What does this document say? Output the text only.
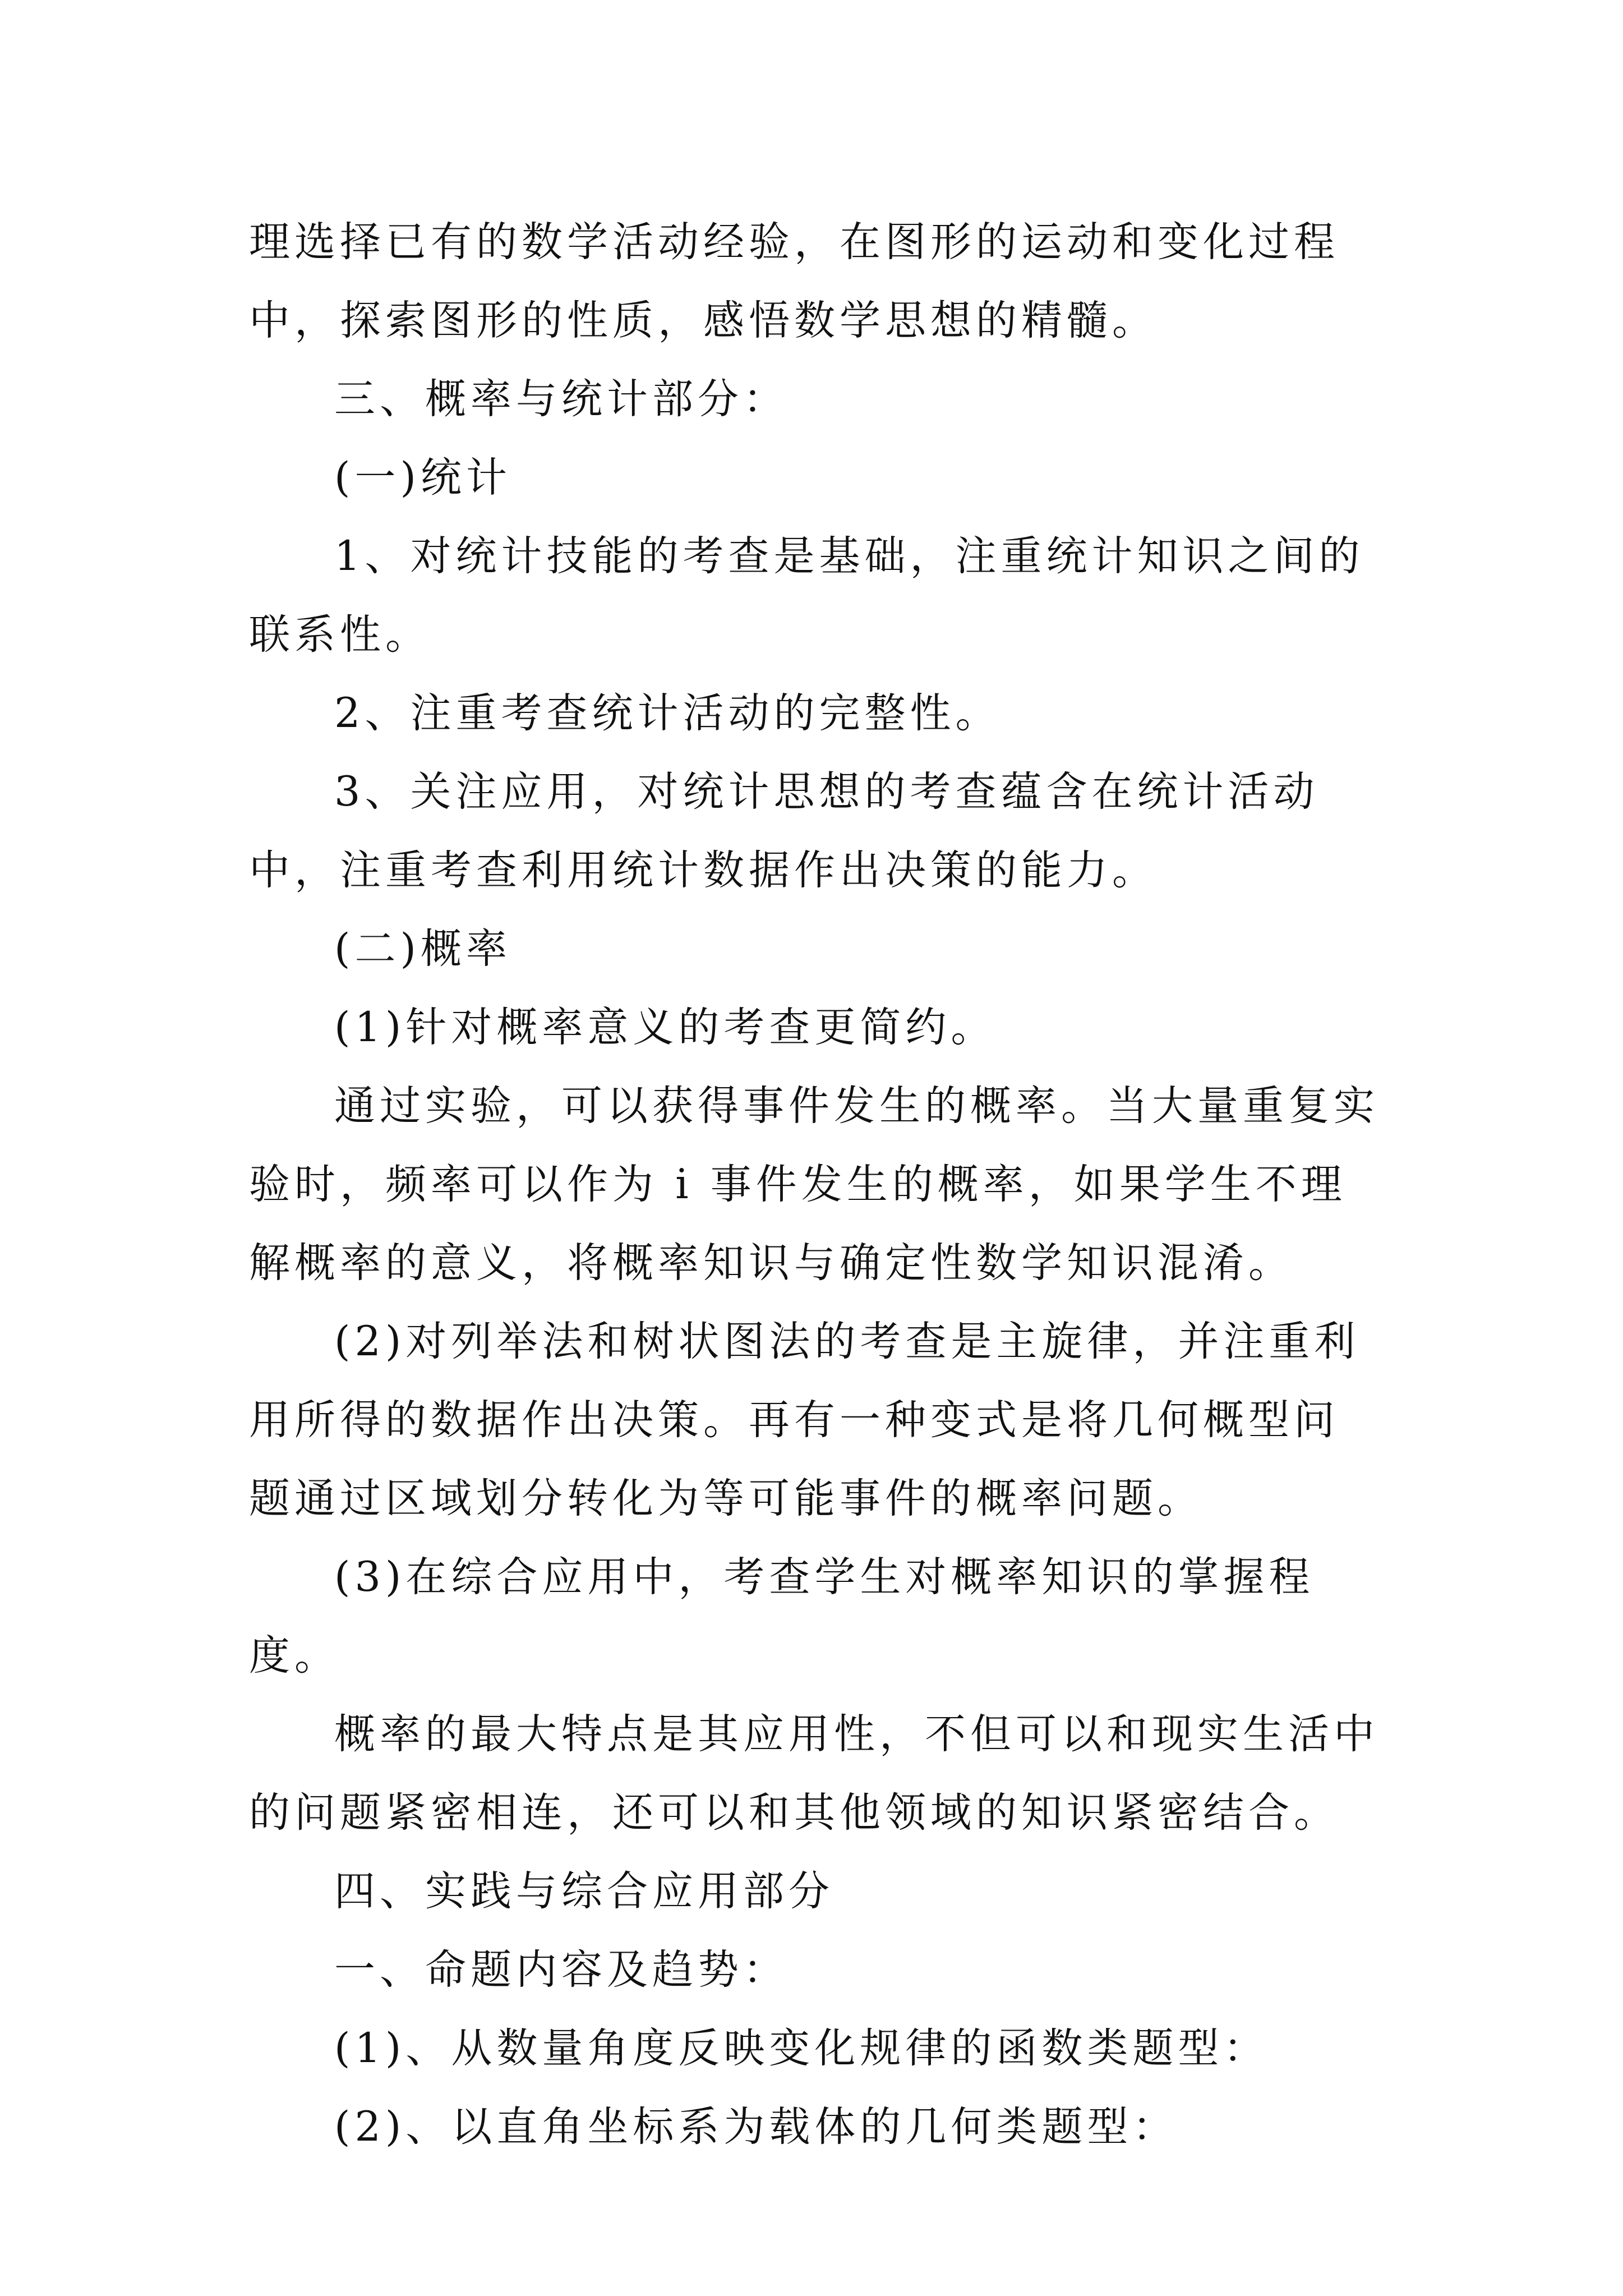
理选择已有的数学活动经验，在图形的运动和变化过程中，探索图形的性质，感悟数学思想的精髓。

三、概率与统计部分：

(一)统计

1、对统计技能的考查是基础，注重统计知识之间的联系性。

2、注重考查统计活动的完整性。

3、关注应用，对统计思想的考查蕴含在统计活动中，注重考查利用统计数据作出决策的能力。

(二)概率

(1)针对概率意义的考查更简约。

通过实验，可以获得事件发生的概率。当大量重复实验时，频率可以作为 i 事件发生的概率，如果学生不理解概率的意义，将概率知识与确定性数学知识混淆。

(2)对列举法和树状图法的考查是主旋律，并注重利用所得的数据作出决策。再有一种变式是将几何概型问题通过区域划分转化为等可能事件的概率问题。

(3)在综合应用中，考查学生对概率知识的掌握程度。

概率的最大特点是其应用性，不但可以和现实生活中的问题紧密相连，还可以和其他领域的知识紧密结合。

四、实践与综合应用部分

一、命题内容及趋势：

(1)、从数量角度反映变化规律的函数类题型：

(2)、以直角坐标系为载体的几何类题型：
